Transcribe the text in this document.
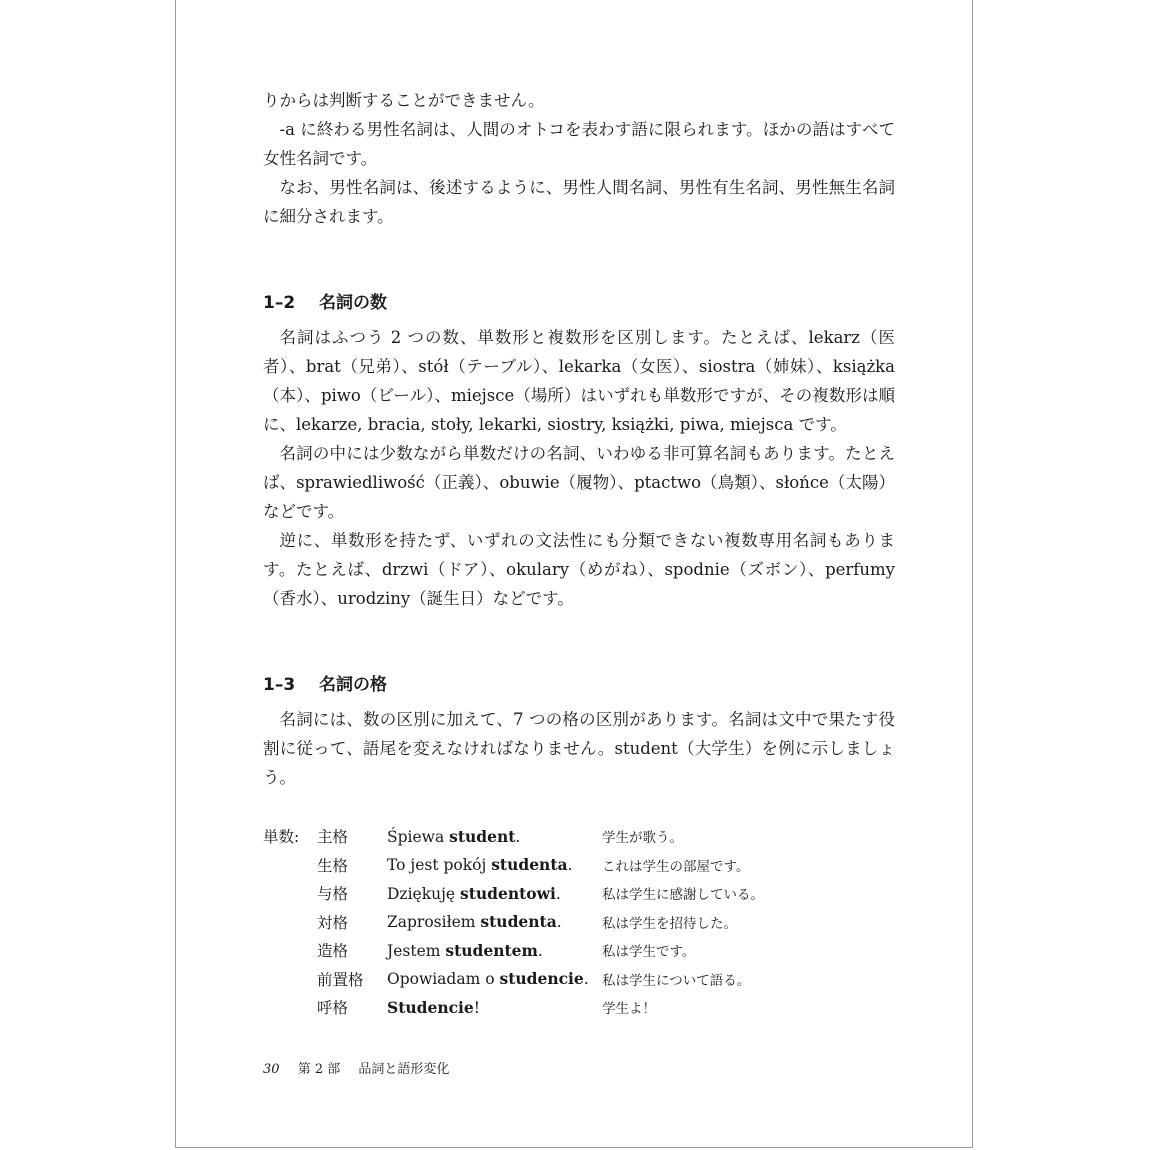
りからは判断することができません。

-a に終わる男性名詞は、人間のオトコを表わす語に限られます。ほかの語はすべて 女性名詞です。

なお、男性名詞は、後述するように、男性人間名詞、男性有生名詞、男性無生名詞に細分されます。

1–2 名詞の数

名詞はふつう 2 つの数、単数形と複数形を区別します。たとえば、lekarz（医者）、brat（兄弟）、stół（テーブル）、lekarka（女医）、siostra（姉妹）、książka（本）、piwo（ビール）、miejsce（場所）はいずれも単数形ですが、その複数形は順に、lekarze, bracia, stoły, lekarki, siostry, książki, piwa, miejsca です。

名詞の中には少数ながら単数だけの名詞、いわゆる非可算名詞もあります。たとえば、sprawiedliwość（正義）、obuwie（履物）、ptactwo（鳥類）、słońce（太陽）などです。

逆に、単数形を持たず、いずれの文法性にも分類できない複数専用名詞もあります。たとえば、drzwi（ドア）、okulary（めがね）、spodnie（ズボン）、perfumy（香水）、urodziny（誕生日）などです。

1–3 名詞の格

名詞には、数の区別に加えて、7 つの格の区別があります。名詞は文中で果たす役割に従って、語尾を変えなければなりません。student（大学生）を例に示しましょう。

単数:	主格	Śpiewa student.	学生が歌う。
生格	To jest pokój studenta.	これは学生の部屋です。
与格	Dziękuję studentowi.	私は学生に感謝している。
対格	Zaprosiłem studenta.	私は学生を招待した。
造格	Jestem studentem.	私は学生です。
前置格	Opowiadam o studencie. 私は学生について語る。
呼格	Studencie!	学生よ！
30 第 2 部 品詞と語形変化
